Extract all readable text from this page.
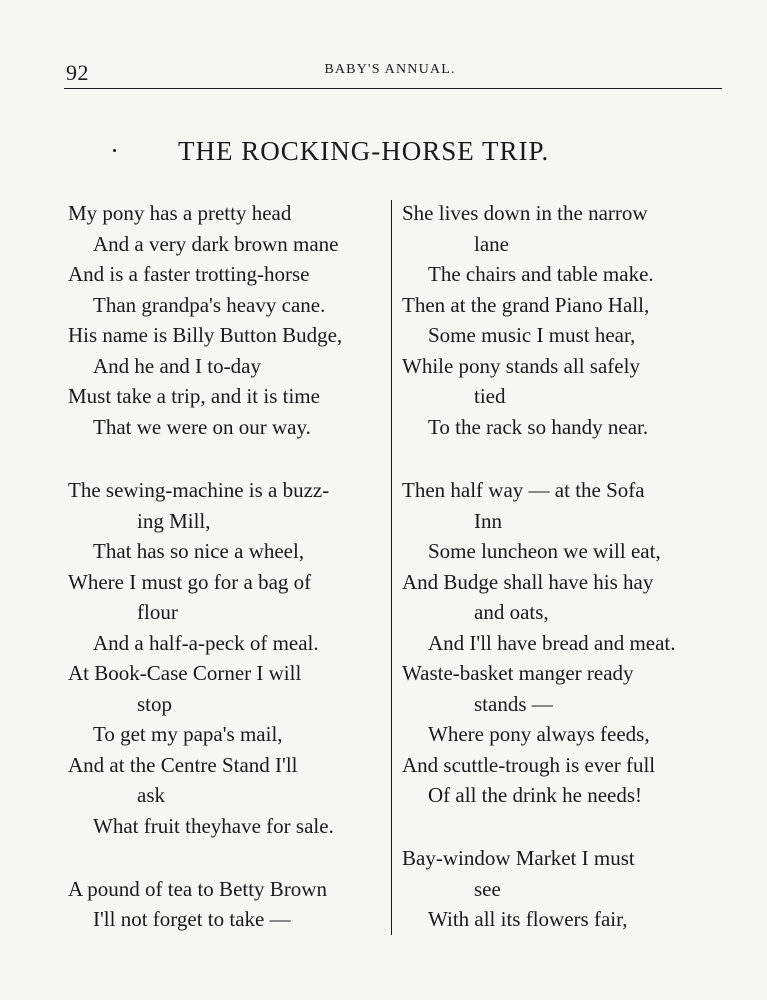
92	BABY'S ANNUAL.
THE ROCKING-HORSE TRIP.
My pony has a pretty head
And a very dark brown mane
And is a faster trotting-horse
Than grandpa's heavy cane.
His name is Billy Button Budge,
And he and I to-day
Must take a trip, and it is time
That we were on our way.
The sewing-machine is a buzz-
ing Mill,
That has so nice a wheel,
Where I must go for a bag of
flour
And a half-a-peck of meal.
At Book-Case Corner I will
stop
To get my papa's mail,
And at the Centre Stand I'll
ask
What fruit theyhave for sale.
A pound of tea to Betty Brown
I'll not forget to take —
She lives down in the narrow
lane
The chairs and table make.
Then at the grand Piano Hall,
Some music I must hear,
While pony stands all safely
tied
To the rack so handy near.
Then half way — at the Sofa
Inn
Some luncheon we will eat,
And Budge shall have his hay
and oats,
And I'll have bread and meat.
Waste-basket manger ready
stands —
Where pony always feeds,
And scuttle-trough is ever full
Of all the drink he needs!
Bay-window Market I must
see
With all its flowers fair,
